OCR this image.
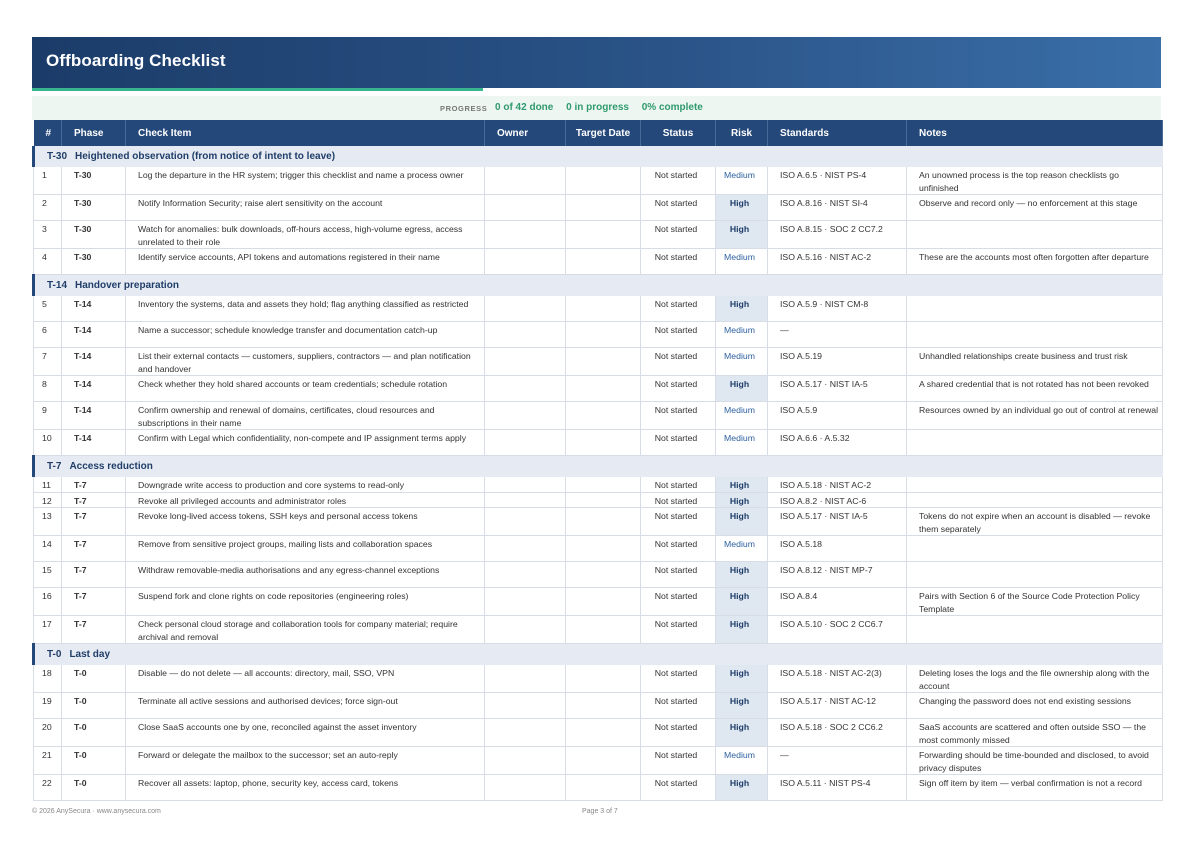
Offboarding Checklist
PROGRESS 0 of 42 done 0 in progress 0% complete
#	Phase	Check Item	Owner	Target Date	Status	Risk	Standards	Notes
T-30 Heightened observation (from notice of intent to leave)								
1	T-30	Log the departure in the HR system; trigger this checklist and name a process owner			Not started	Medium	ISO A.6.5 · NIST PS-4	An unowned process is the top reason checklists go unfinished
2	T-30	Notify Information Security; raise alert sensitivity on the account			Not started	High	ISO A.8.16 · NIST SI-4	Observe and record only — no enforcement at this stage
3	T-30	Watch for anomalies: bulk downloads, off-hours access, high-volume egress, access unrelated to their role			Not started	High	ISO A.8.15 · SOC 2 CC7.2	
4	T-30	Identify service accounts, API tokens and automations registered in their name			Not started	Medium	ISO A.5.16 · NIST AC-2	These are the accounts most often forgotten after departure
T-14 Handover preparation								
5	T-14	Inventory the systems, data and assets they hold; flag anything classified as restricted			Not started	High	ISO A.5.9 · NIST CM-8	
6	T-14	Name a successor; schedule knowledge transfer and documentation catch-up			Not started	Medium	—	
7	T-14	List their external contacts — customers, suppliers, contractors — and plan notification and handover			Not started	Medium	ISO A.5.19	Unhandled relationships create business and trust risk
8	T-14	Check whether they hold shared accounts or team credentials; schedule rotation			Not started	High	ISO A.5.17 · NIST IA-5	A shared credential that is not rotated has not been revoked
9	T-14	Confirm ownership and renewal of domains, certificates, cloud resources and subscriptions in their name			Not started	Medium	ISO A.5.9	Resources owned by an individual go out of control at renewal
10	T-14	Confirm with Legal which confidentiality, non-compete and IP assignment terms apply			Not started	Medium	ISO A.6.6 · A.5.32	
T-7 Access reduction								
11	T-7	Downgrade write access to production and core systems to read-only			Not started	High	ISO A.5.18 · NIST AC-2	
12	T-7	Revoke all privileged accounts and administrator roles			Not started	High	ISO A.8.2 · NIST AC-6	
13	T-7	Revoke long-lived access tokens, SSH keys and personal access tokens			Not started	High	ISO A.5.17 · NIST IA-5	Tokens do not expire when an account is disabled — revoke them separately
14	T-7	Remove from sensitive project groups, mailing lists and collaboration spaces			Not started	Medium	ISO A.5.18	
15	T-7	Withdraw removable-media authorisations and any egress-channel exceptions			Not started	High	ISO A.8.12 · NIST MP-7	
16	T-7	Suspend fork and clone rights on code repositories (engineering roles)			Not started	High	ISO A.8.4	Pairs with Section 6 of the Source Code Protection Policy Template
17	T-7	Check personal cloud storage and collaboration tools for company material; require archival and removal			Not started	High	ISO A.5.10 · SOC 2 CC6.7	
T-0 Last day								
18	T-0	Disable — do not delete — all accounts: directory, mail, SSO, VPN			Not started	High	ISO A.5.18 · NIST AC-2(3)	Deleting loses the logs and the file ownership along with the account
19	T-0	Terminate all active sessions and authorised devices; force sign-out			Not started	High	ISO A.5.17 · NIST AC-12	Changing the password does not end existing sessions
20	T-0	Close SaaS accounts one by one, reconciled against the asset inventory			Not started	High	ISO A.5.18 · SOC 2 CC6.2	SaaS accounts are scattered and often outside SSO — the most commonly missed
21	T-0	Forward or delegate the mailbox to the successor; set an auto-reply			Not started	Medium	—	Forwarding should be time-bounded and disclosed, to avoid privacy disputes
22	T-0	Recover all assets: laptop, phone, security key, access card, tokens			Not started	High	ISO A.5.11 · NIST PS-4	Sign off item by item — verbal confirmation is not a record
© 2026 AnySecura · www.anysecura.com	Page 3 of 7
